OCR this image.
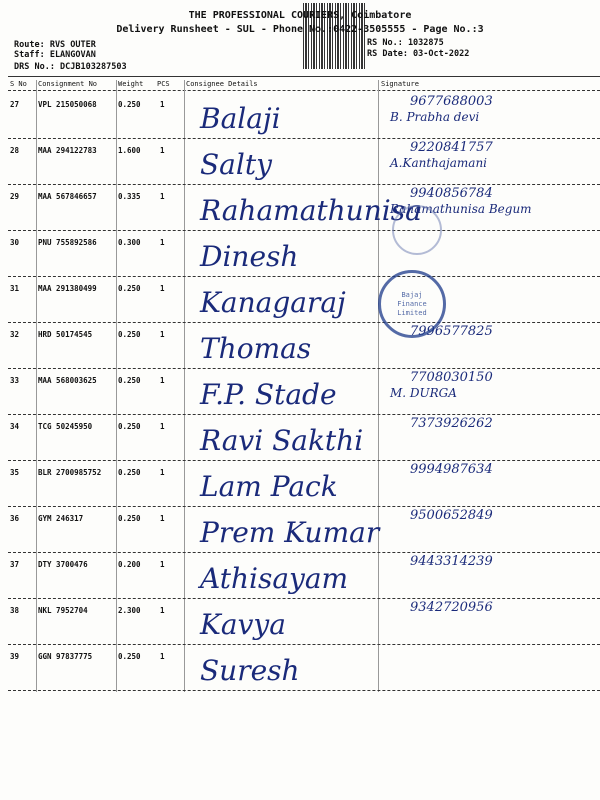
THE PROFESSIONAL COURIERS, Coimbatore
Delivery Runsheet - SUL - Phone No.:0422-3505555 - Page No.:3
Route: RVS OUTER
Staff: ELANGOVAN
DRS No.: DCJB103287503
RS No.: 1032875
RS Date: 03-Oct-2022
S No Consignment No	Weight PCS Consignee Details	Signature
27	VPL 215050068	0.250	1 Balaji
9677688003
B. Prabha devi
28	MAA 294122783	1.600	1 Salty
9220841757
A.Kanthajamani
29	MAA 567846657	0.335	1 Rahamathunisa
9940856784
Rahamathunisa Begum
30	PNU 755892586	0.300	1 Dinesh
31	MAA 291380499	0.250	1 Kanagaraj
32	HRD 50174545	0.250	1 Thomas
7996577825
33	MAA 568003625	0.250	1 F.P. Stade
7708030150
M. DURGA
34	TCG 50245950	0.250	1 Ravi Sakthi
7373926262
35	BLR 2700985752 0.250	1 Lam Pack
9994987634
36	GYM 246317	0.250	1 Prem Kumar
9500652849
37	DTY 3700476	0.200	1 Athisayam
9443314239
38	NKL 7952704	2.300	1 Kavya
9342720956
39	GGN 97837775	0.250	1 Suresh
Bajaj Finance Limited
